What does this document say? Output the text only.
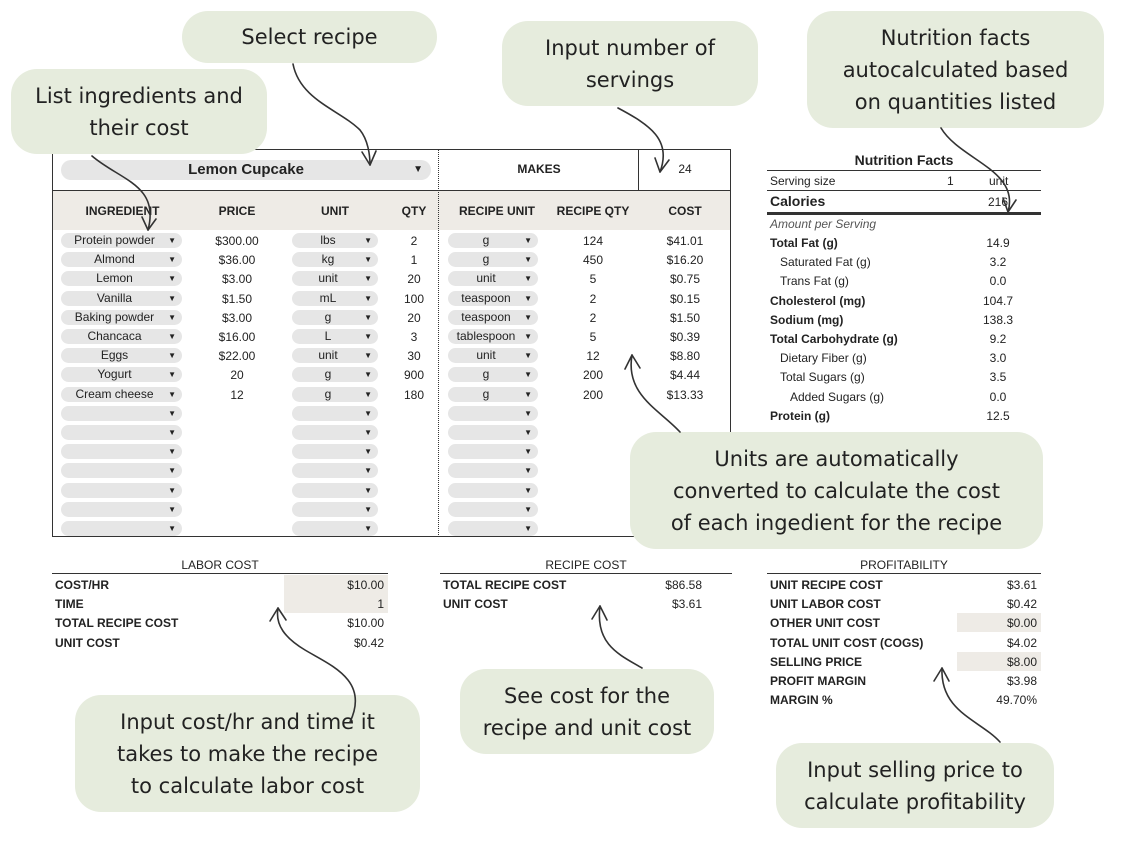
Lemon Cupcake	▼	MAKES	24
INGREDIENT	PRICE	UNIT	QTY	RECIPE UNIT	RECIPE QTY	COST
Protein powder	▼	$300.00	lbs	▼	2	g	▼	124	$41.01
Almond	▼	$36.00	kg	▼	1	g	▼	450	$16.20
Lemon	▼	$3.00	unit	▼	20	unit	▼	5	$0.75
Vanilla	▼	$1.50	mL	▼	100	teaspoon	▼	2	$0.15
Baking powder	▼	$3.00	g	▼	20	teaspoon	▼	2	$1.50
Chancaca	▼	$16.00	L	▼	3	tablespoon	▼	5	$0.39
Eggs	▼	$22.00	unit	▼	30	unit	▼	12	$8.80
Yogurt	▼	20	g	▼	900	g	▼	200	$4.44
Cream cheese	▼	12	g	▼	180	g	▼	200	$13.33
▼	▼	▼
▼	▼	▼
▼	▼	▼
▼	▼	▼
▼	▼	▼
▼	▼	▼
▼	▼	▼
Nutrition Facts
Serving size	1	unit
Calories	216
Amount per Serving
Total Fat (g)	14.9
Saturated Fat (g)	3.2
Trans Fat (g)	0.0
Cholesterol (mg)	104.7
Sodium (mg)	138.3
Total Carbohydrate (g)	9.2
Dietary Fiber (g)	3.0
Total Sugars (g)	3.5
Added Sugars (g)	0.0
Protein (g)	12.5
LABOR COST
COST/HR	$10.00
TIME	1
TOTAL RECIPE COST	$10.00
UNIT COST	$0.42
RECIPE COST
TOTAL RECIPE COST	$86.58
UNIT COST	$3.61
PROFITABILITY
UNIT RECIPE COST	$3.61
UNIT LABOR COST	$0.42
OTHER UNIT COST	$0.00
TOTAL UNIT COST (COGS)	$4.02
SELLING PRICE	$8.00
PROFIT MARGIN	$3.98
MARGIN %	49.70%
Select recipe	Input number of
servings
Nutrition facts
autocalculated based
on quantities listed
List ingredients and
their cost
Units are automatically
converted to calculate the cost
of each ingedient for the recipe
Input cost/hr and time it
takes to make the recipe
to calculate labor cost
See cost for the
recipe and unit cost
Input selling price to
calculate profitability
